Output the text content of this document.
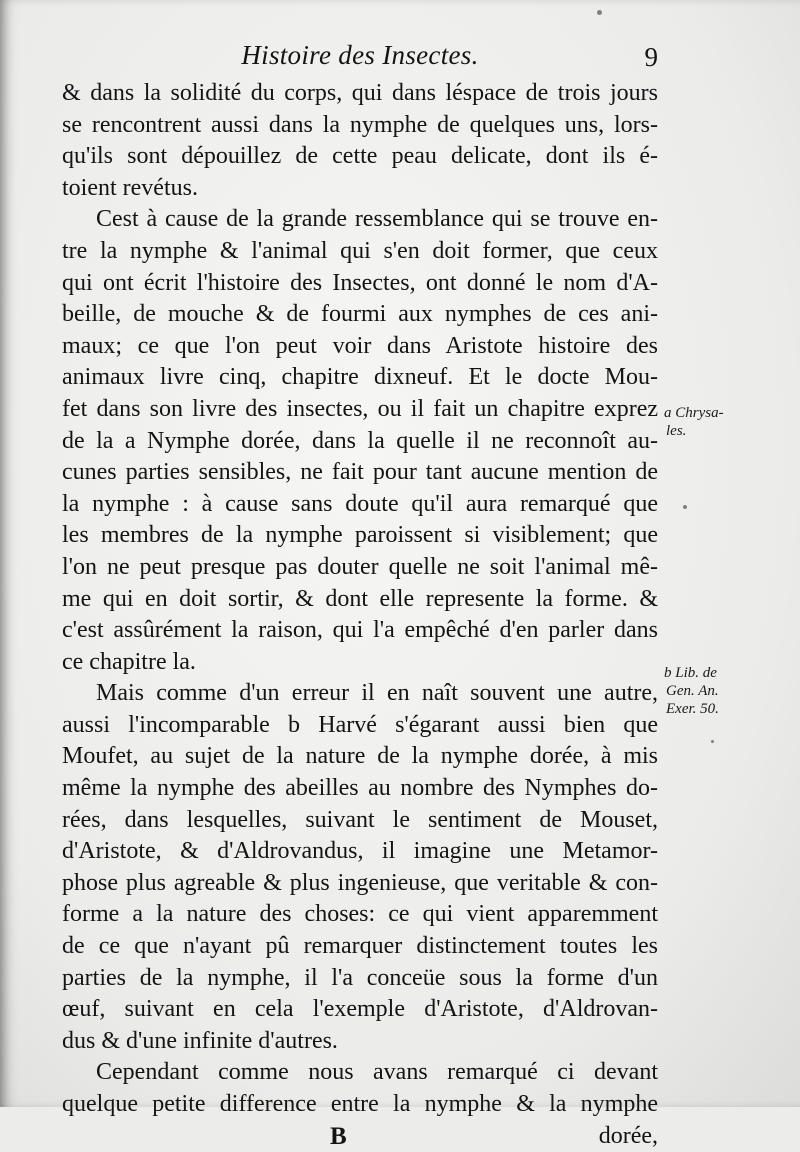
Histoire des Insectes.	9
& dans la solidité du corps, qui dans léspace de trois jours
se rencontrent aussi dans la nymphe de quelques uns, lors-
qu'ils sont dépouillez de cette peau delicate, dont ils é-
toient revétus.
Cest à cause de la grande ressemblance qui se trouve en-
tre la nymphe & l'animal qui s'en doit former, que ceux
qui ont écrit l'histoire des Insectes, ont donné le nom d'A-
beille, de mouche & de fourmi aux nymphes de ces ani-
maux; ce que l'on peut voir dans Aristote histoire des
animaux livre cinq, chapitre dixneuf. Et le docte Mou-
fet dans son livre des insectes, ou il fait un chapitre exprez
de la a Nymphe dorée, dans la quelle il ne reconnoît au-
cunes parties sensibles, ne fait pour tant aucune mention de
la nymphe : à cause sans doute qu'il aura remarqué que
les membres de la nymphe paroissent si visiblement; que
l'on ne peut presque pas douter quelle ne soit l'animal mê-
me qui en doit sortir, & dont elle represente la forme. &
c'est assûrément la raison, qui l'a empêché d'en parler dans
ce chapitre la.
Mais comme d'un erreur il en naît souvent une autre,
aussi l'incomparable b Harvé s'égarant aussi bien que
Moufet, au sujet de la nature de la nymphe dorée, à mis
même la nymphe des abeilles au nombre des Nymphes do-
rées, dans lesquelles, suivant le sentiment de Mouset,
d'Aristote, & d'Aldrovandus, il imagine une Metamor-
phose plus agreable & plus ingenieuse, que veritable & con-
forme a la nature des choses: ce qui vient apparemment
de ce que n'ayant pû remarquer distinctement toutes les
parties de la nymphe, il l'a conceüe sous la forme d'un
œuf, suivant en cela l'exemple d'Aristote, d'Aldrovan-
dus & d'une infinite d'autres.
Cependant comme nous avans remarqué ci devant
quelque petite difference entre la nymphe & la nymphe
B	dorée,
a Chrysa-
les.
b Lib. de
Gen. An.
Exer. 50.
